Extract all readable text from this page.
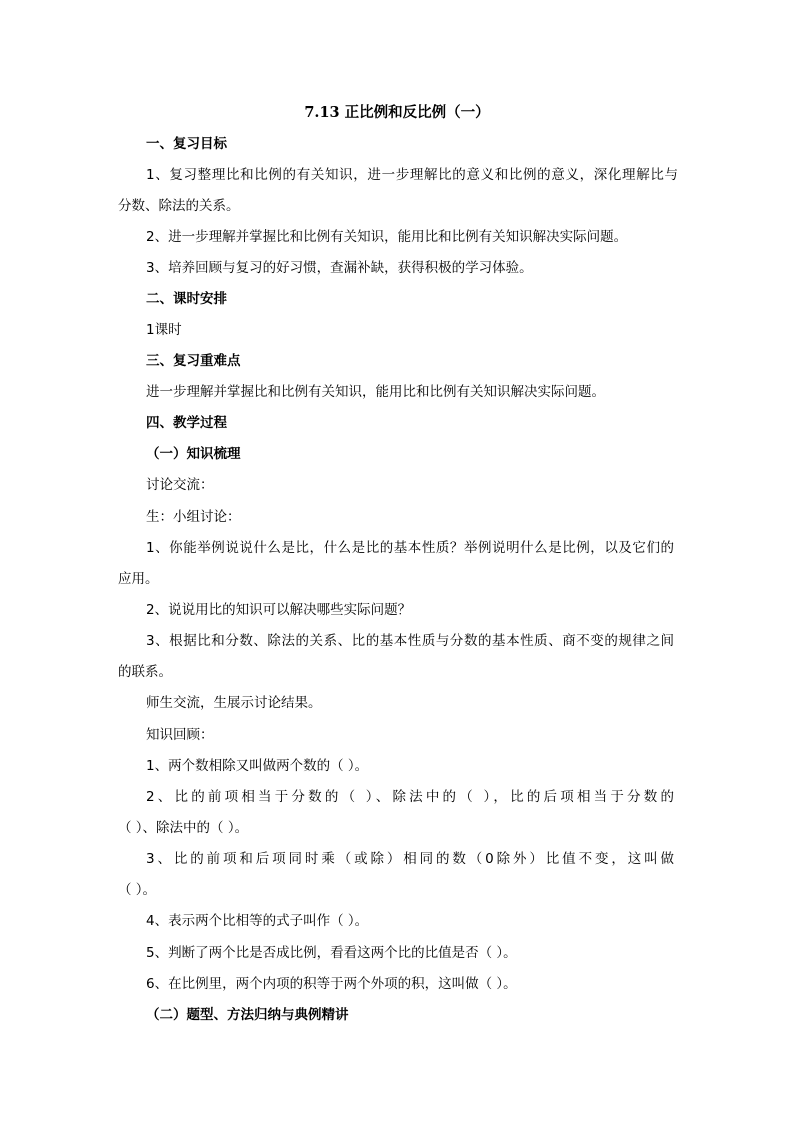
7.13 正比例和反比例（一）
一、复习目标
1、复习整理比和比例的有关知识，进一步理解比的意义和比例的意义，深化理解比与
分数、除法的关系。
2、进一步理解并掌握比和比例有关知识，能用比和比例有关知识解决实际问题。
3、培养回顾与复习的好习惯，查漏补缺，获得积极的学习体验。
二、课时安排
1课时
三、复习重难点
进一步理解并掌握比和比例有关知识，能用比和比例有关知识解决实际问题。
四、教学过程
（一）知识梳理
讨论交流：
生：小组讨论：
1、你能举例说说什么是比，什么是比的基本性质？举例说明什么是比例，以及它们的
应用。
2、说说用比的知识可以解决哪些实际问题？
3、根据比和分数、除法的关系、比的基本性质与分数的基本性质、商不变的规律之间
的联系。
师生交流，生展示讨论结果。
知识回顾：
1、两个数相除又叫做两个数的（ ）。
2、比的前项相当于分数的（ ）、除法中的（ ），比的后项相当于分数的
（ ）、除法中的（ ）。
3、比的前项和后项同时乘（或除）相同的数（0除外）比值不变，这叫做
（ ）。
4、表示两个比相等的式子叫作（ ）。
5、判断了两个比是否成比例，看看这两个比的比值是否（ ）。
6、在比例里，两个内项的积等于两个外项的积，这叫做（ ）。
（二）题型、方法归纳与典例精讲
